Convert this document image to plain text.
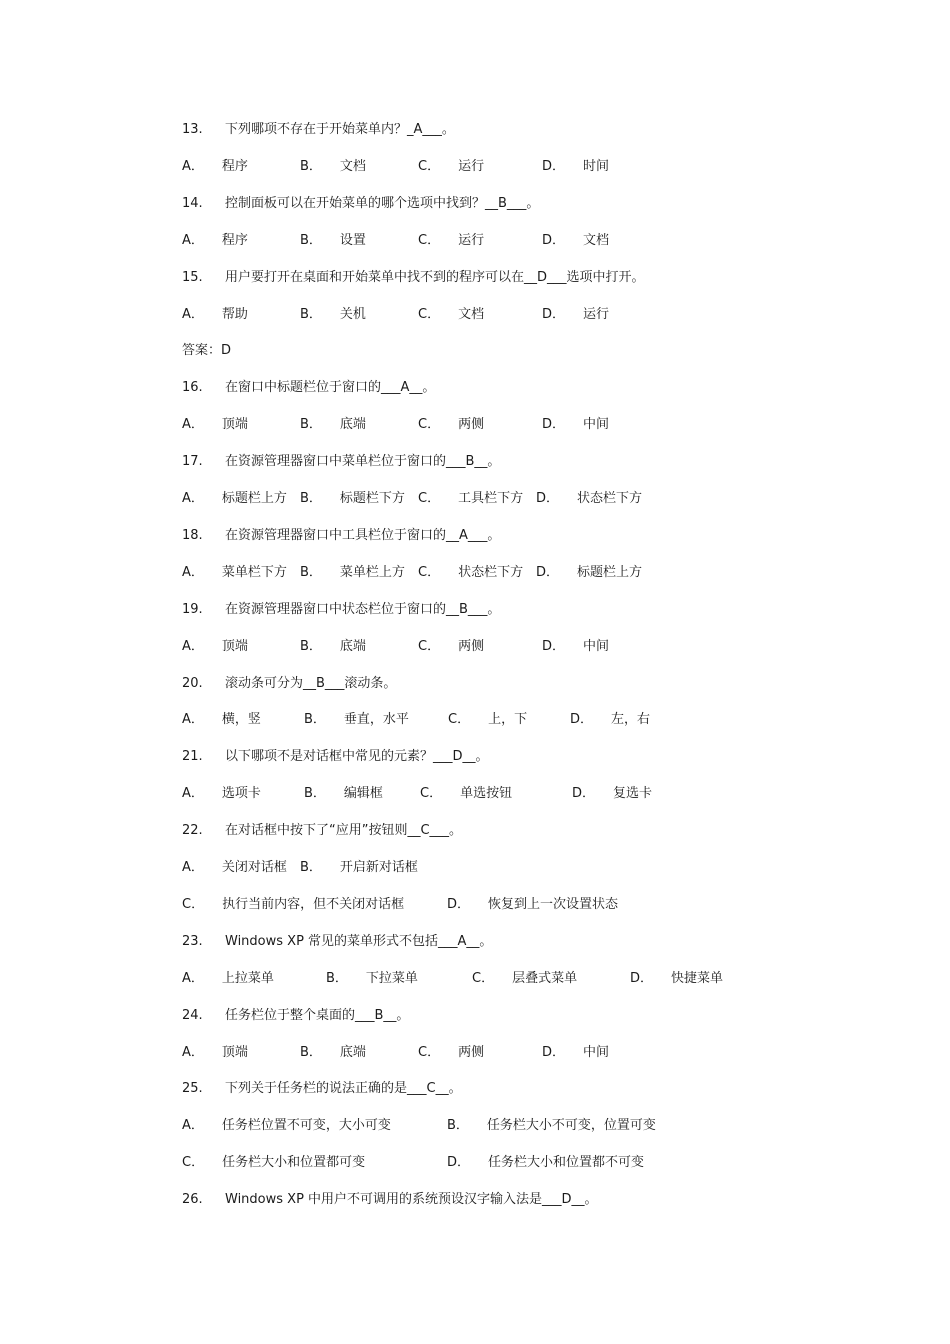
13. 下列哪项不存在于开始菜单内？_A___。
A． 程序	B． 文档	C． 运行	D． 时间
14. 控制面板可以在开始菜单的哪个选项中找到？__B___。
A． 程序	B． 设置	C． 运行	D． 文档
15. 用户要打开在桌面和开始菜单中找不到的程序可以在__D___选项中打开。
A． 帮助	B． 关机	C． 文档	D． 运行
答案：D
16. 在窗口中标题栏位于窗口的___A__。
A． 顶端	B． 底端	C． 两侧	D． 中间
17. 在资源管理器窗口中菜单栏位于窗口的___B__。
A． 标题栏上方 B． 标题栏下方 C． 工具栏下方 D． 状态栏下方
18. 在资源管理器窗口中工具栏位于窗口的__A___。
A． 菜单栏下方 B． 菜单栏上方 C． 状态栏下方 D． 标题栏上方
19. 在资源管理器窗口中状态栏位于窗口的__B___。
A． 顶端	B． 底端	C． 两侧	D． 中间
20. 滚动条可分为__B___滚动条。
A． 横，竖	B． 垂直，水平	C． 上，下	D． 左，右
21. 以下哪项不是对话框中常见的元素？___D__。
A． 选项卡	B． 编辑框	C． 单选按钮	D． 复选卡
22. 在对话框中按下了“应用”按钮则__C___。
A． 关闭对话框 B． 开启新对话框
C． 执行当前内容，但不关闭对话框	D． 恢复到上一次设置状态
23. Windows XP 常见的菜单形式不包括___A__。
A． 上拉菜单	B． 下拉菜单	C． 层叠式菜单	D． 快捷菜单
24. 任务栏位于整个桌面的___B__。
A． 顶端	B． 底端	C． 两侧	D． 中间
25. 下列关于任务栏的说法正确的是___C__。
A． 任务栏位置不可变，大小可变	B． 任务栏大小不可变，位置可变
C． 任务栏大小和位置都可变	D． 任务栏大小和位置都不可变
26. Windows XP 中用户不可调用的系统预设汉字输入法是___D__。
